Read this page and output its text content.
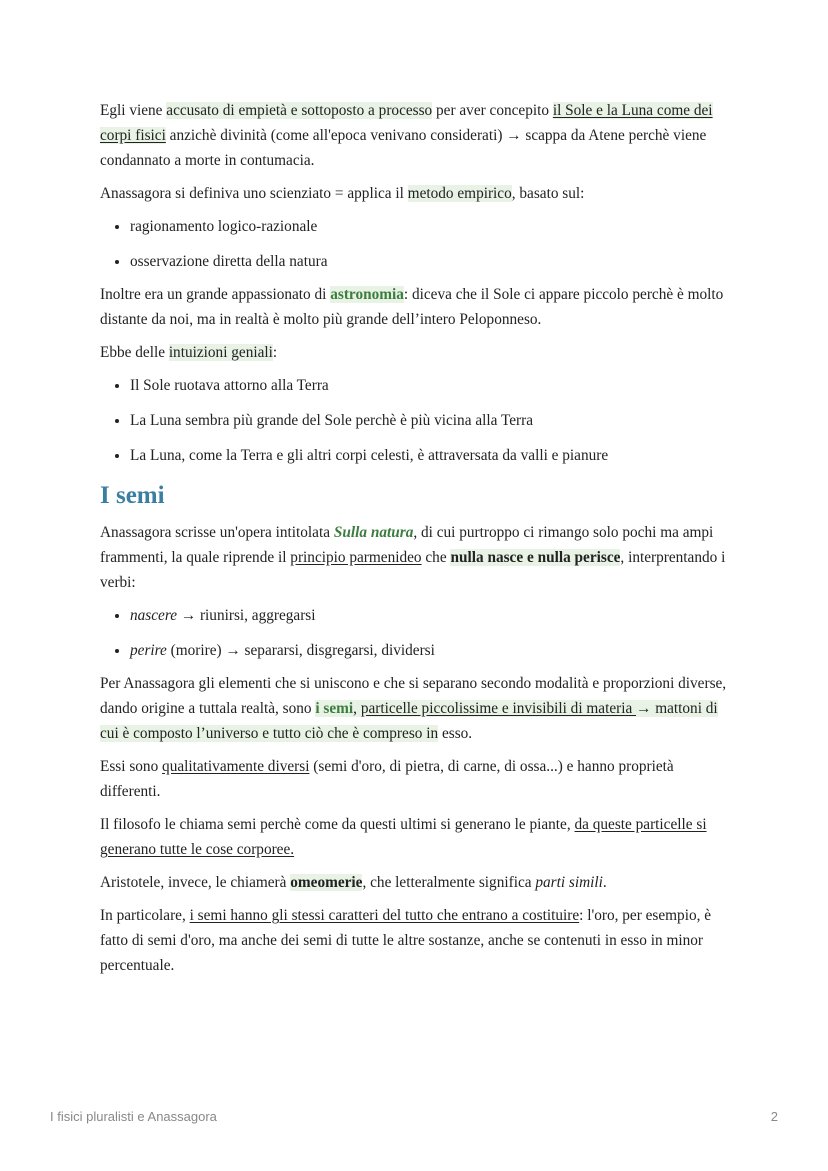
Egli viene accusato di empietà e sottoposto a processo per aver concepito il Sole e la Luna come dei corpi fisici anzichè divinità (come all'epoca venivano considerati) → scappa da Atene perchè viene condannato a morte in contumacia.

Anassagora si definiva uno scienziato = applica il metodo empirico, basato sul:

• ragionamento logico-razionale
• osservazione diretta della natura

Inoltre era un grande appassionato di astronomia: diceva che il Sole ci appare piccolo perchè è molto distante da noi, ma in realtà è molto più grande dell’intero Peloponneso.

Ebbe delle intuizioni geniali:

• Il Sole ruotava attorno alla Terra
• La Luna sembra più grande del Sole perchè è più vicina alla Terra
• La Luna, come la Terra e gli altri corpi celesti, è attraversata da valli e pianure
I semi

Anassagora scrisse un'opera intitolata Sulla natura, di cui purtroppo ci rimango solo pochi ma ampi frammenti, la quale riprende il principio parmenideo che nulla nasce e nulla perisce, interprentando i verbi:

• nascere → riunirsi, aggregarsi
• perire (morire) → separarsi, disgregarsi, dividersi

Per Anassagora gli elementi che si uniscono e che si separano secondo modalità e proporzioni diverse, dando origine a tuttala realtà, sono i semi, particelle piccolissime e invisibili di materia → mattoni di cui è composto l’universo e tutto ciò che è compreso in esso.

Essi sono qualitativamente diversi (semi d'oro, di pietra, di carne, di ossa...) e hanno proprietà differenti.

Il filosofo le chiama semi perchè come da questi ultimi si generano le piante, da queste particelle si generano tutte le cose corporee.

Aristotele, invece, le chiamerà omeomerie, che letteralmente significa parti simili.

In particolare, i semi hanno gli stessi caratteri del tutto che entrano a costituire: l'oro, per esempio, è fatto di semi d'oro, ma anche dei semi di tutte le altre sostanze, anche se contenuti in esso in minor percentuale.

I fisici pluralisti e Anassagora	2
